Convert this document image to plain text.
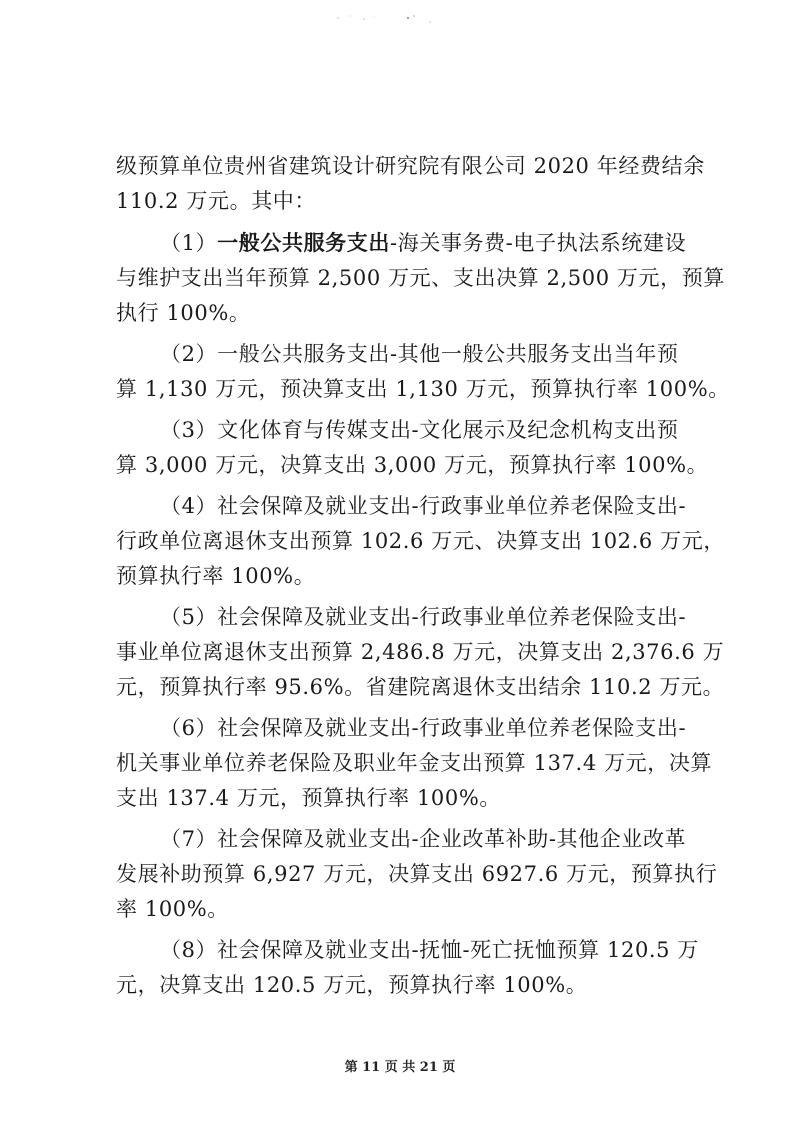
级预算单位贵州省建筑设计研究院有限公司 2020 年经费结余
110.2 万元。其中：
（1）一般公共服务支出-海关事务费-电子执法系统建设
与维护支出当年预算 2,500 万元、支出决算 2,500 万元，预算
执行 100%。
（2）一般公共服务支出-其他一般公共服务支出当年预
算 1,130 万元，预决算支出 1,130 万元，预算执行率 100%。
（3）文化体育与传媒支出-文化展示及纪念机构支出预
算 3,000 万元，决算支出 3,000 万元，预算执行率 100%。
（4）社会保障及就业支出-行政事业单位养老保险支出-
行政单位离退休支出预算 102.6 万元、决算支出 102.6 万元，
预算执行率 100%。
（5）社会保障及就业支出-行政事业单位养老保险支出-
事业单位离退休支出预算 2,486.8 万元，决算支出 2,376.6 万
元，预算执行率 95.6%。省建院离退休支出结余 110.2 万元。
（6）社会保障及就业支出-行政事业单位养老保险支出-
机关事业单位养老保险及职业年金支出预算 137.4 万元，决算
支出 137.4 万元，预算执行率 100%。
（7）社会保障及就业支出-企业改革补助-其他企业改革
发展补助预算 6,927 万元，决算支出 6927.6 万元，预算执行
率 100%。
（8）社会保障及就业支出-抚恤-死亡抚恤预算 120.5 万
元，决算支出 120.5 万元，预算执行率 100%。
第 11 页 共 21 页
